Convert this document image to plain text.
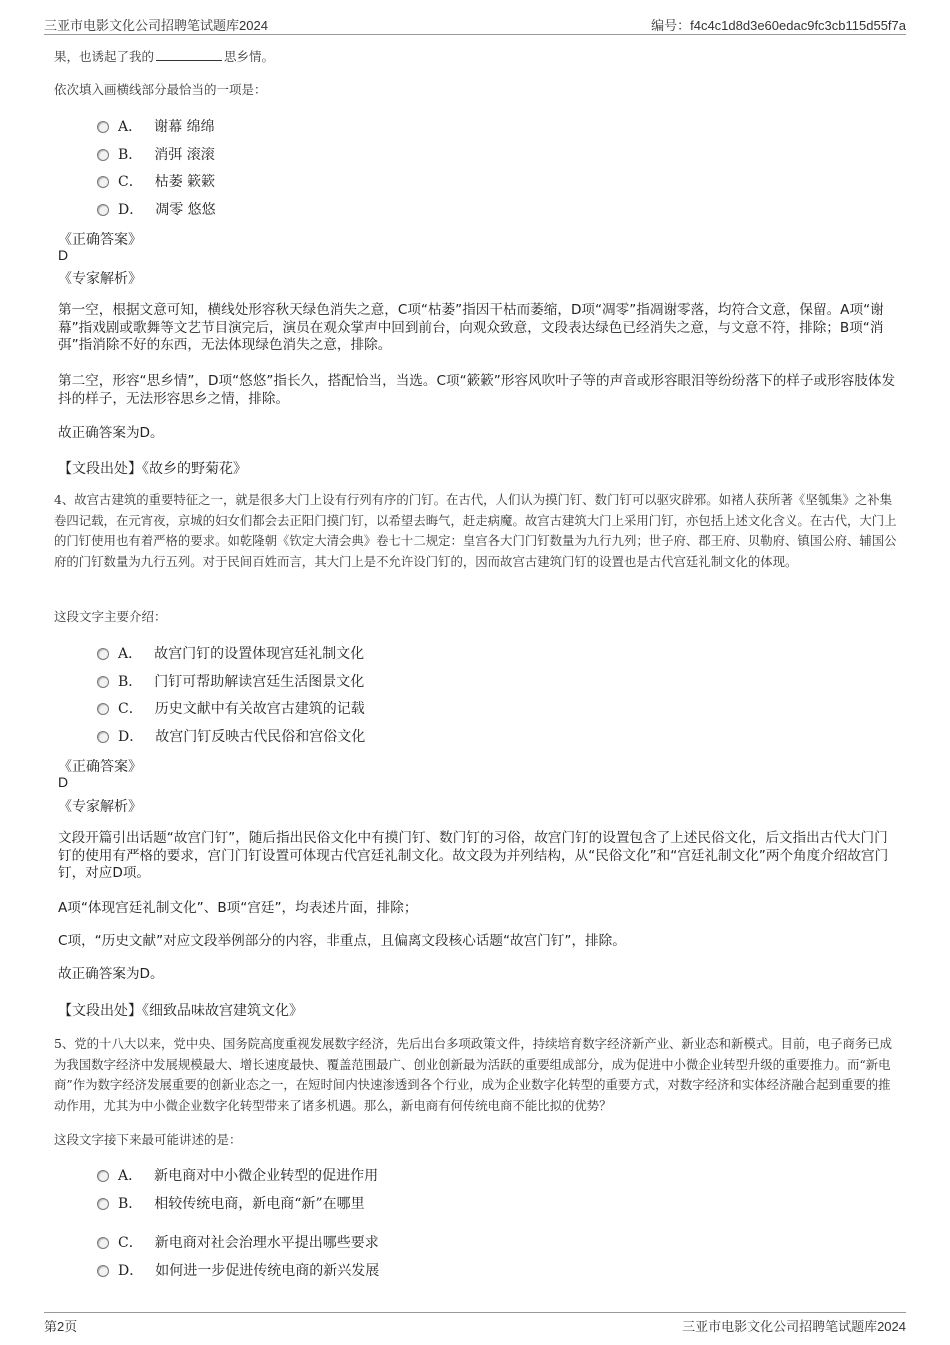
三亚市电影文化公司招聘笔试题库2024	编号：f4c4c1d8d3e60edac9fc3cb115d55f7a
果，也诱起了我的	思乡情。
依次填入画横线部分最恰当的一项是：
A． 谢幕 绵绵
B． 消弭 滚滚
C． 枯萎 簌簌
D． 凋零 悠悠
《正确答案》
D
《专家解析》
第一空，根据文意可知，横线处形容秋天绿色消失之意，C项“枯萎”指因干枯而萎缩，D项“凋零”指凋谢零落，均符合文意，保留。A项“谢幕”指戏剧或歌舞等文艺节目演完后，演员在观众掌声中回到前台，向观众致意，文段表达绿色已经消失之意，与文意不符，排除；B项“消弭”指消除不好的东西，无法体现绿色消失之意，排除。
第二空，形容“思乡情”，D项“悠悠”指长久，搭配恰当，当选。C项“簌簌”形容风吹叶子等的声音或形容眼泪等纷纷落下的样子或形容肢体发抖的样子，无法形容思乡之情，排除。
故正确答案为D。
【文段出处】《故乡的野菊花》
4、故宫古建筑的重要特征之一，就是很多大门上设有行列有序的门钉。在古代，人们认为摸门钉、数门钉可以驱灾辟邪。如褚人获所著《坚瓠集》之补集卷四记载，在元宵夜，京城的妇女们都会去正阳门摸门钉，以希望去晦气，赶走病魔。故宫古建筑大门上采用门钉，亦包括上述文化含义。在古代，大门上的门钉使用也有着严格的要求。如乾隆朝《钦定大清会典》卷七十二规定：皇宫各大门门钉数量为九行九列；世子府、郡王府、贝勒府、镇国公府、辅国公府的门钉数量为九行五列。对于民间百姓而言，其大门上是不允许设门钉的，因而故宫古建筑门钉的设置也是古代宫廷礼制文化的体现。
这段文字主要介绍：
A． 故宫门钉的设置体现宫廷礼制文化
B． 门钉可帮助解读宫廷生活图景文化
C． 历史文献中有关故宫古建筑的记载
D． 故宫门钉反映古代民俗和宫俗文化
《正确答案》
D
《专家解析》
文段开篇引出话题“故宫门钉”，随后指出民俗文化中有摸门钉、数门钉的习俗，故宫门钉的设置包含了上述民俗文化，后文指出古代大门门钉的使用有严格的要求，宫门门钉设置可体现古代宫廷礼制文化。故文段为并列结构，从“民俗文化”和“宫廷礼制文化”两个角度介绍故宫门钉，对应D项。
A项“体现宫廷礼制文化”、B项“宫廷”，均表述片面，排除；
C项，“历史文献”对应文段举例部分的内容，非重点，且偏离文段核心话题“故宫门钉”，排除。
故正确答案为D。
【文段出处】《细致品味故宫建筑文化》
5、党的十八大以来，党中央、国务院高度重视发展数字经济，先后出台多项政策文件，持续培育数字经济新产业、新业态和新模式。目前，电子商务已成为我国数字经济中发展规模最大、增长速度最快、覆盖范围最广、创业创新最为活跃的重要组成部分，成为促进中小微企业转型升级的重要推力。而“新电商”作为数字经济发展重要的创新业态之一，在短时间内快速渗透到各个行业，成为企业数字化转型的重要方式，对数字经济和实体经济融合起到重要的推动作用，尤其为中小微企业数字化转型带来了诸多机遇。那么，新电商有何传统电商不能比拟的优势？
这段文字接下来最可能讲述的是：
A． 新电商对中小微企业转型的促进作用
B． 相较传统电商，新电商“新”在哪里
C． 新电商对社会治理水平提出哪些要求
D． 如何进一步促进传统电商的新兴发展
第2页	三亚市电影文化公司招聘笔试题库2024
